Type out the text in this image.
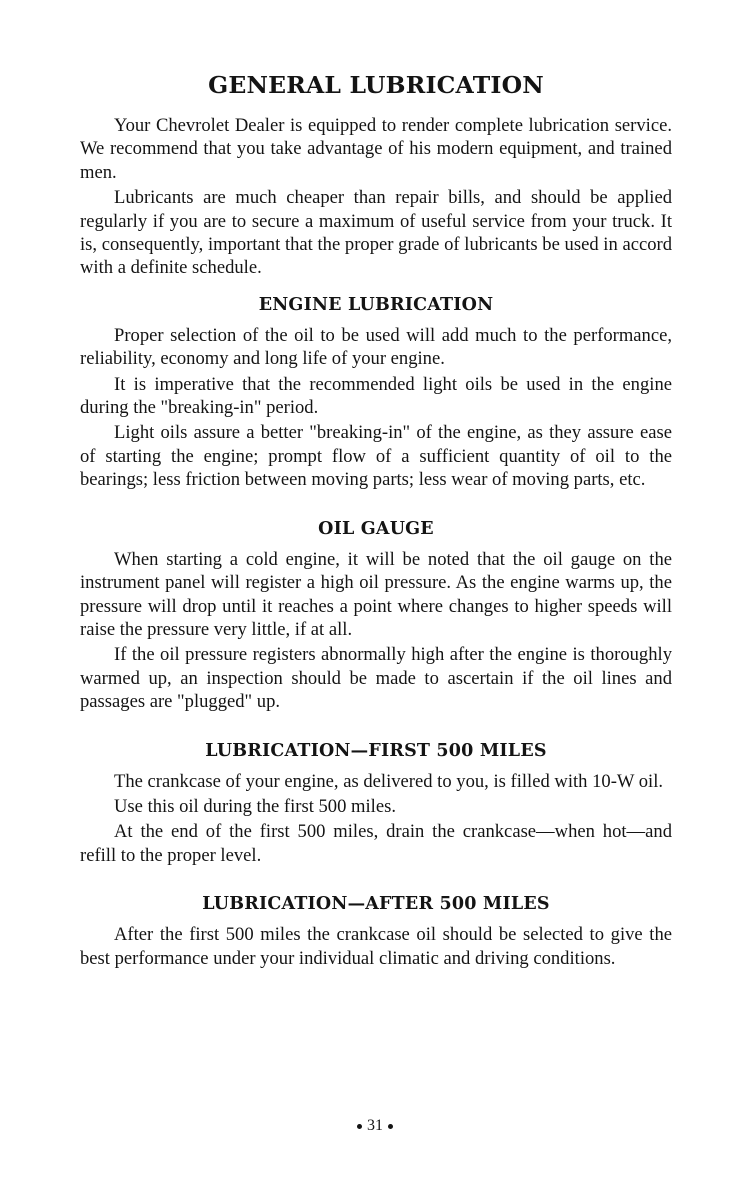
GENERAL LUBRICATION

Your Chevrolet Dealer is equipped to render complete lubrication service. We recommend that you take advantage of his modern equipment, and trained men.

Lubricants are much cheaper than repair bills, and should be applied regularly if you are to secure a maximum of useful service from your truck. It is, consequently, important that the proper grade of lubricants be used in accord with a definite schedule.

ENGINE LUBRICATION

Proper selection of the oil to be used will add much to the performance, reliability, economy and long life of your engine.

It is imperative that the recommended light oils be used in the engine during the "breaking-in" period.

Light oils assure a better "breaking-in" of the engine, as they assure ease of starting the engine; prompt flow of a sufficient quantity of oil to the bearings; less friction between moving parts; less wear of moving parts, etc.

OIL GAUGE

When starting a cold engine, it will be noted that the oil gauge on the instrument panel will register a high oil pressure. As the engine warms up, the pressure will drop until it reaches a point where changes to higher speeds will raise the pressure very little, if at all.

If the oil pressure registers abnormally high after the engine is thoroughly warmed up, an inspection should be made to ascertain if the oil lines and passages are "plugged" up.

LUBRICATION—FIRST 500 MILES

The crankcase of your engine, as delivered to you, is filled with 10-W oil.

Use this oil during the first 500 miles.

At the end of the first 500 miles, drain the crankcase—when hot—and refill to the proper level.

LUBRICATION—AFTER 500 MILES

After the first 500 miles the crankcase oil should be selected to give the best performance under your individual climatic and driving conditions.

31
